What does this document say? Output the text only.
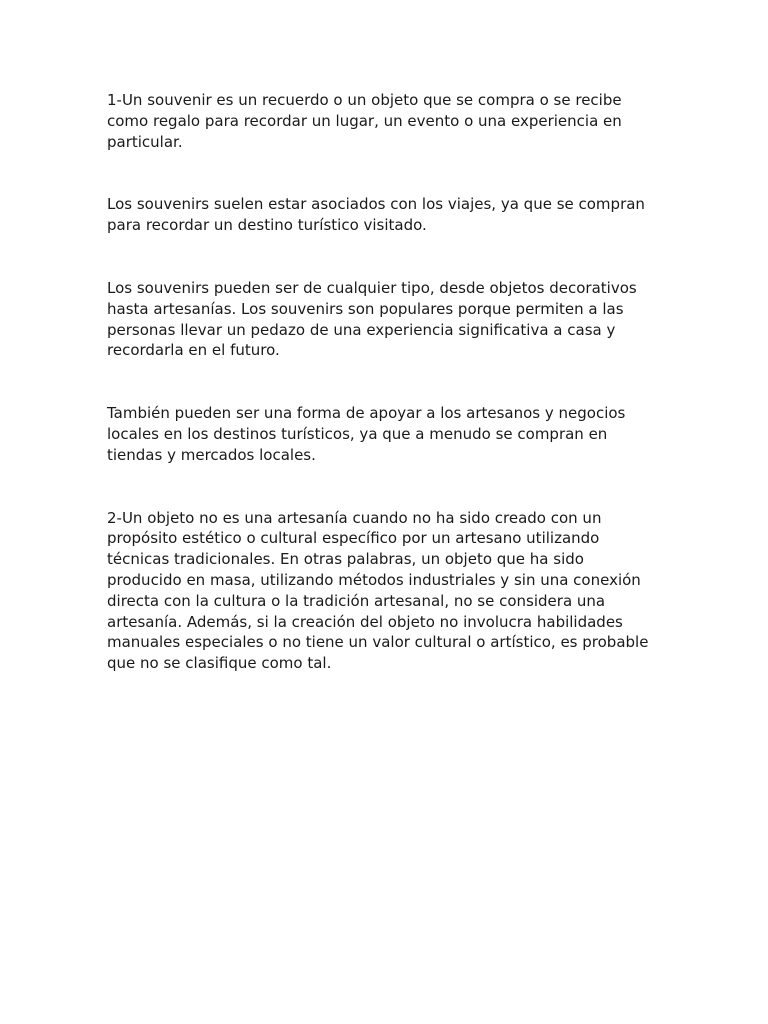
1-Un souvenir es un recuerdo o un objeto que se compra o se recibe
como regalo para recordar un lugar, un evento o una experiencia en
particular.

Los souvenirs suelen estar asociados con los viajes, ya que se compran
para recordar un destino turístico visitado.

Los souvenirs pueden ser de cualquier tipo, desde objetos decorativos
hasta artesanías. Los souvenirs son populares porque permiten a las
personas llevar un pedazo de una experiencia significativa a casa y
recordarla en el futuro.

También pueden ser una forma de apoyar a los artesanos y negocios
locales en los destinos turísticos, ya que a menudo se compran en
tiendas y mercados locales.

2-Un objeto no es una artesanía cuando no ha sido creado con un
propósito estético o cultural específico por un artesano utilizando
técnicas tradicionales. En otras palabras, un objeto que ha sido
producido en masa, utilizando métodos industriales y sin una conexión
directa con la cultura o la tradición artesanal, no se considera una
artesanía. Además, si la creación del objeto no involucra habilidades
manuales especiales o no tiene un valor cultural o artístico, es probable
que no se clasifique como tal.
